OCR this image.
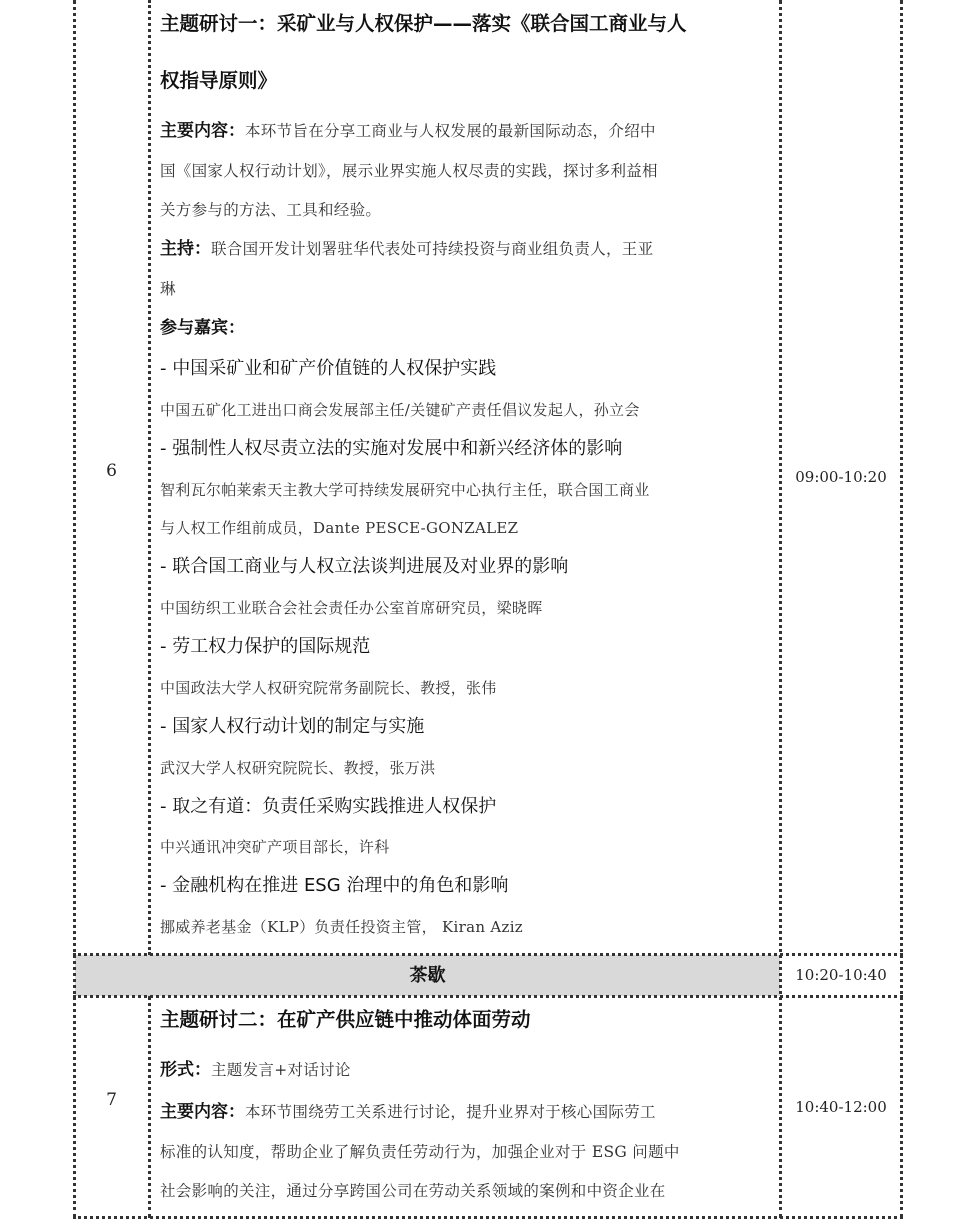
6	09:00-10:20
主题研讨一：采矿业与人权保护——落实《联合国工商业与人
权指导原则》
主要内容：本环节旨在分享工商业与人权发展的最新国际动态，介绍中
国《国家人权行动计划》，展示业界实施人权尽责的实践，探讨多利益相
关方参与的方法、工具和经验。
主持：联合国开发计划署驻华代表处可持续投资与商业组负责人，王亚
琳
参与嘉宾：
- 中国采矿业和矿产价值链的人权保护实践
中国五矿化工进出口商会发展部主任/关键矿产责任倡议发起人，孙立会
- 强制性人权尽责立法的实施对发展中和新兴经济体的影响
智利瓦尔帕莱索天主教大学可持续发展研究中心执行主任，联合国工商业
与人权工作组前成员，Dante PESCE-GONZALEZ
- 联合国工商业与人权立法谈判进展及对业界的影响
中国纺织工业联合会社会责任办公室首席研究员，梁晓晖
- 劳工权力保护的国际规范
中国政法大学人权研究院常务副院长、教授，张伟
- 国家人权行动计划的制定与实施
武汉大学人权研究院院长、教授，张万洪
- 取之有道：负责任采购实践推进人权保护
中兴通讯冲突矿产项目部长，许科
- 金融机构在推进 ESG 治理中的角色和影响
挪威养老基金（KLP）负责任投资主管， Kiran Aziz
茶歇	10:20-10:40
7	10:40-12:00
主题研讨二：在矿产供应链中推动体面劳动
形式：主题发言+对话讨论
主要内容：本环节围绕劳工关系进行讨论，提升业界对于核心国际劳工
标准的认知度，帮助企业了解负责任劳动行为，加强企业对于 ESG 问题中
社会影响的关注，通过分享跨国公司在劳动关系领域的案例和中资企业在
